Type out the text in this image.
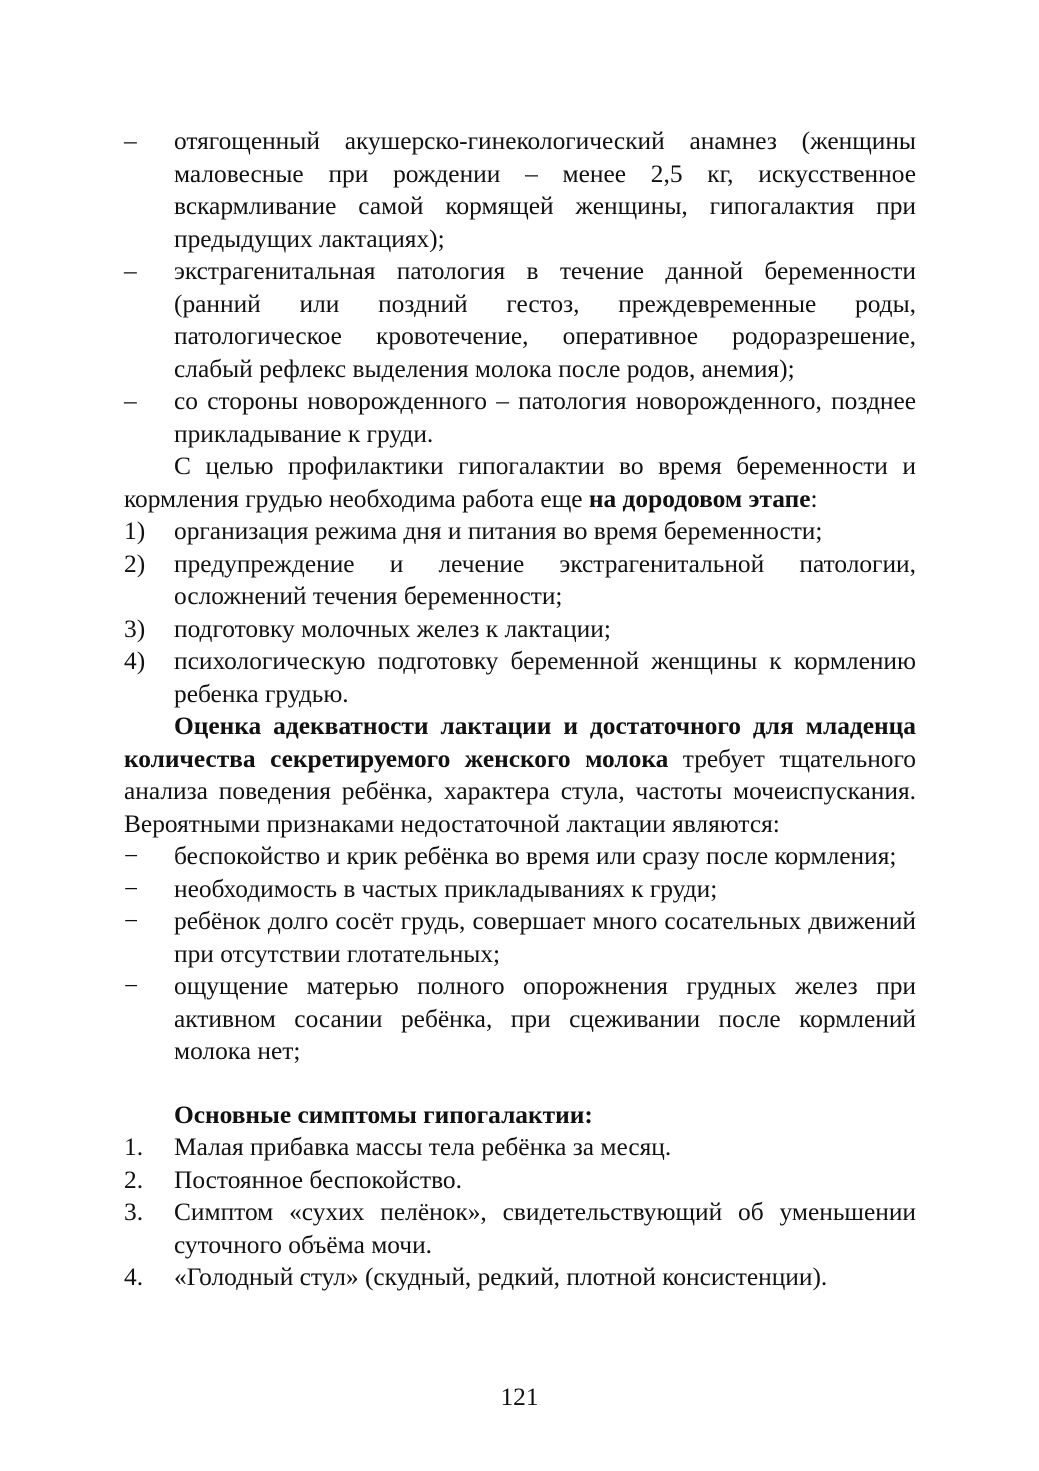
–	отягощенный акушерско-гинекологический анамнез (женщины маловесные при рождении – менее 2,5 кг, искусственное вскармливание самой кормящей женщины, гипогалактия при предыдущих лактациях);
–	экстрагенитальная патология в течение данной беременности (ранний или поздний гестоз, преждевременные роды, патологическое кровотечение, оперативное родоразрешение, слабый рефлекс выделения молока после родов, анемия);
–	со стороны новорожденного – патология новорожденного, позднее прикладывание к груди.

С целью профилактики гипогалактии во время беременности и кормления грудью необходима работа еще на дородовом этапе:

1)	организация режима дня и питания во время беременности;
2)	предупреждение и лечение экстрагенитальной патологии, осложнений течения беременности;
3)	подготовку молочных желез к лактации;
4)	психологическую подготовку беременной женщины к кормлению ребенка грудью.

Оценка адекватности лактации и достаточного для младенца количества секретируемого женского молока требует тщательного анализа поведения ребёнка, характера стула, частоты мочеиспускания. Вероятными признаками недостаточной лактации являются:

−	беспокойство и крик ребёнка во время или сразу после кормления;
−	необходимость в частых прикладываниях к груди;
−	ребёнок долго сосёт грудь, совершает много сосательных движений при отсутствии глотательных;
−	ощущение матерью полного опорожнения грудных желез при активном сосании ребёнка, при сцеживании после кормлений молока нет;
Основные симптомы гипогалактии:
1.	Малая прибавка массы тела ребёнка за месяц.
2.	Постоянное беспокойство.
3.	Симптом «сухих пелёнок», свидетельствующий об уменьшении суточного объёма мочи.
4.	«Голодный стул» (скудный, редкий, плотной консистенции).
121
